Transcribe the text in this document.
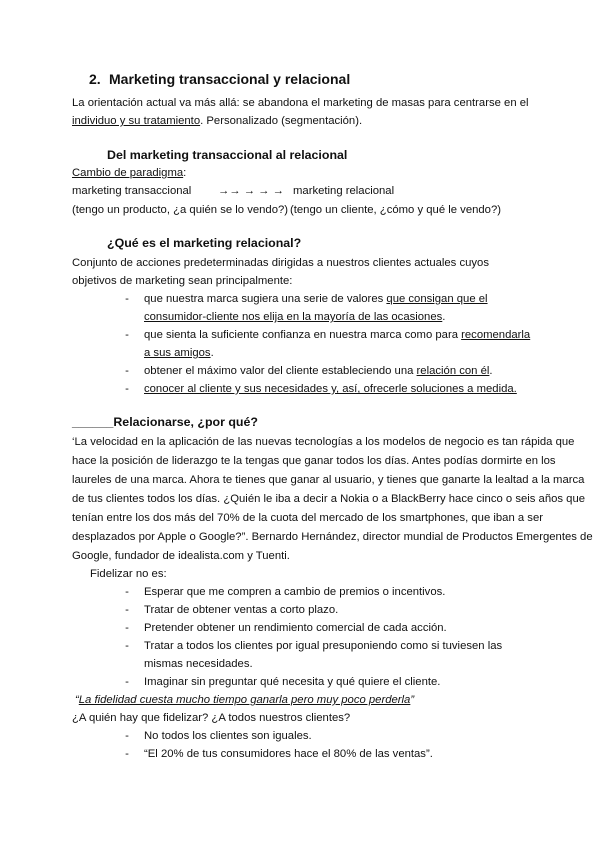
2. Marketing transaccional y relacional
La orientación actual va más allá: se abandona el marketing de masas para centrarse en el
individuo y su tratamiento. Personalizado (segmentación).
Del marketing transaccional al relacional
Cambio de paradigma:
marketing transaccional →→ → → → marketing relacional
(tengo un producto, ¿a quién se lo vendo?) (tengo un cliente, ¿cómo y qué le vendo?)
¿Qué es el marketing relacional?
Conjunto de acciones predeterminadas dirigidas a nuestros clientes actuales cuyos
objetivos de marketing sean principalmente:
- que nuestra marca sugiera una serie de valores que consigan que el
consumidor-cliente nos elija en la mayoría de las ocasiones.
- que sienta la suficiente confianza en nuestra marca como para recomendarla
a sus amigos.
- obtener el máximo valor del cliente estableciendo una relación con él.
- conocer al cliente y sus necesidades y, así, ofrecerle soluciones a medida.
______Relacionarse, ¿por qué?
‘La velocidad en la aplicación de las nuevas tecnologías a los modelos de negocio es tan rápida que
hace la posición de liderazgo te la tengas que ganar todos los días. Antes podías dormirte en los
laureles de una marca. Ahora te tienes que ganar al usuario, y tienes que ganarte la lealtad a la marca
de tus clientes todos los días. ¿Quién le iba a decir a Nokia o a BlackBerry hace cinco o seis años que
tenían entre los dos más del 70% de la cuota del mercado de los smartphones, que iban a ser
desplazados por Apple o Google?”. Bernardo Hernández, director mundial de Productos Emergentes de
Google, fundador de idealista.com y Tuenti.
Fidelizar no es:
- Esperar que me compren a cambio de premios o incentivos.
- Tratar de obtener ventas a corto plazo.
- Pretender obtener un rendimiento comercial de cada acción.
- Tratar a todos los clientes por igual presuponiendo como si tuviesen las
mismas necesidades.
- Imaginar sin preguntar qué necesita y qué quiere el cliente.
“La fidelidad cuesta mucho tiempo ganarla pero muy poco perderla”
¿A quién hay que fidelizar? ¿A todos nuestros clientes?
- No todos los clientes son iguales.
- “El 20% de tus consumidores hace el 80% de las ventas”.
